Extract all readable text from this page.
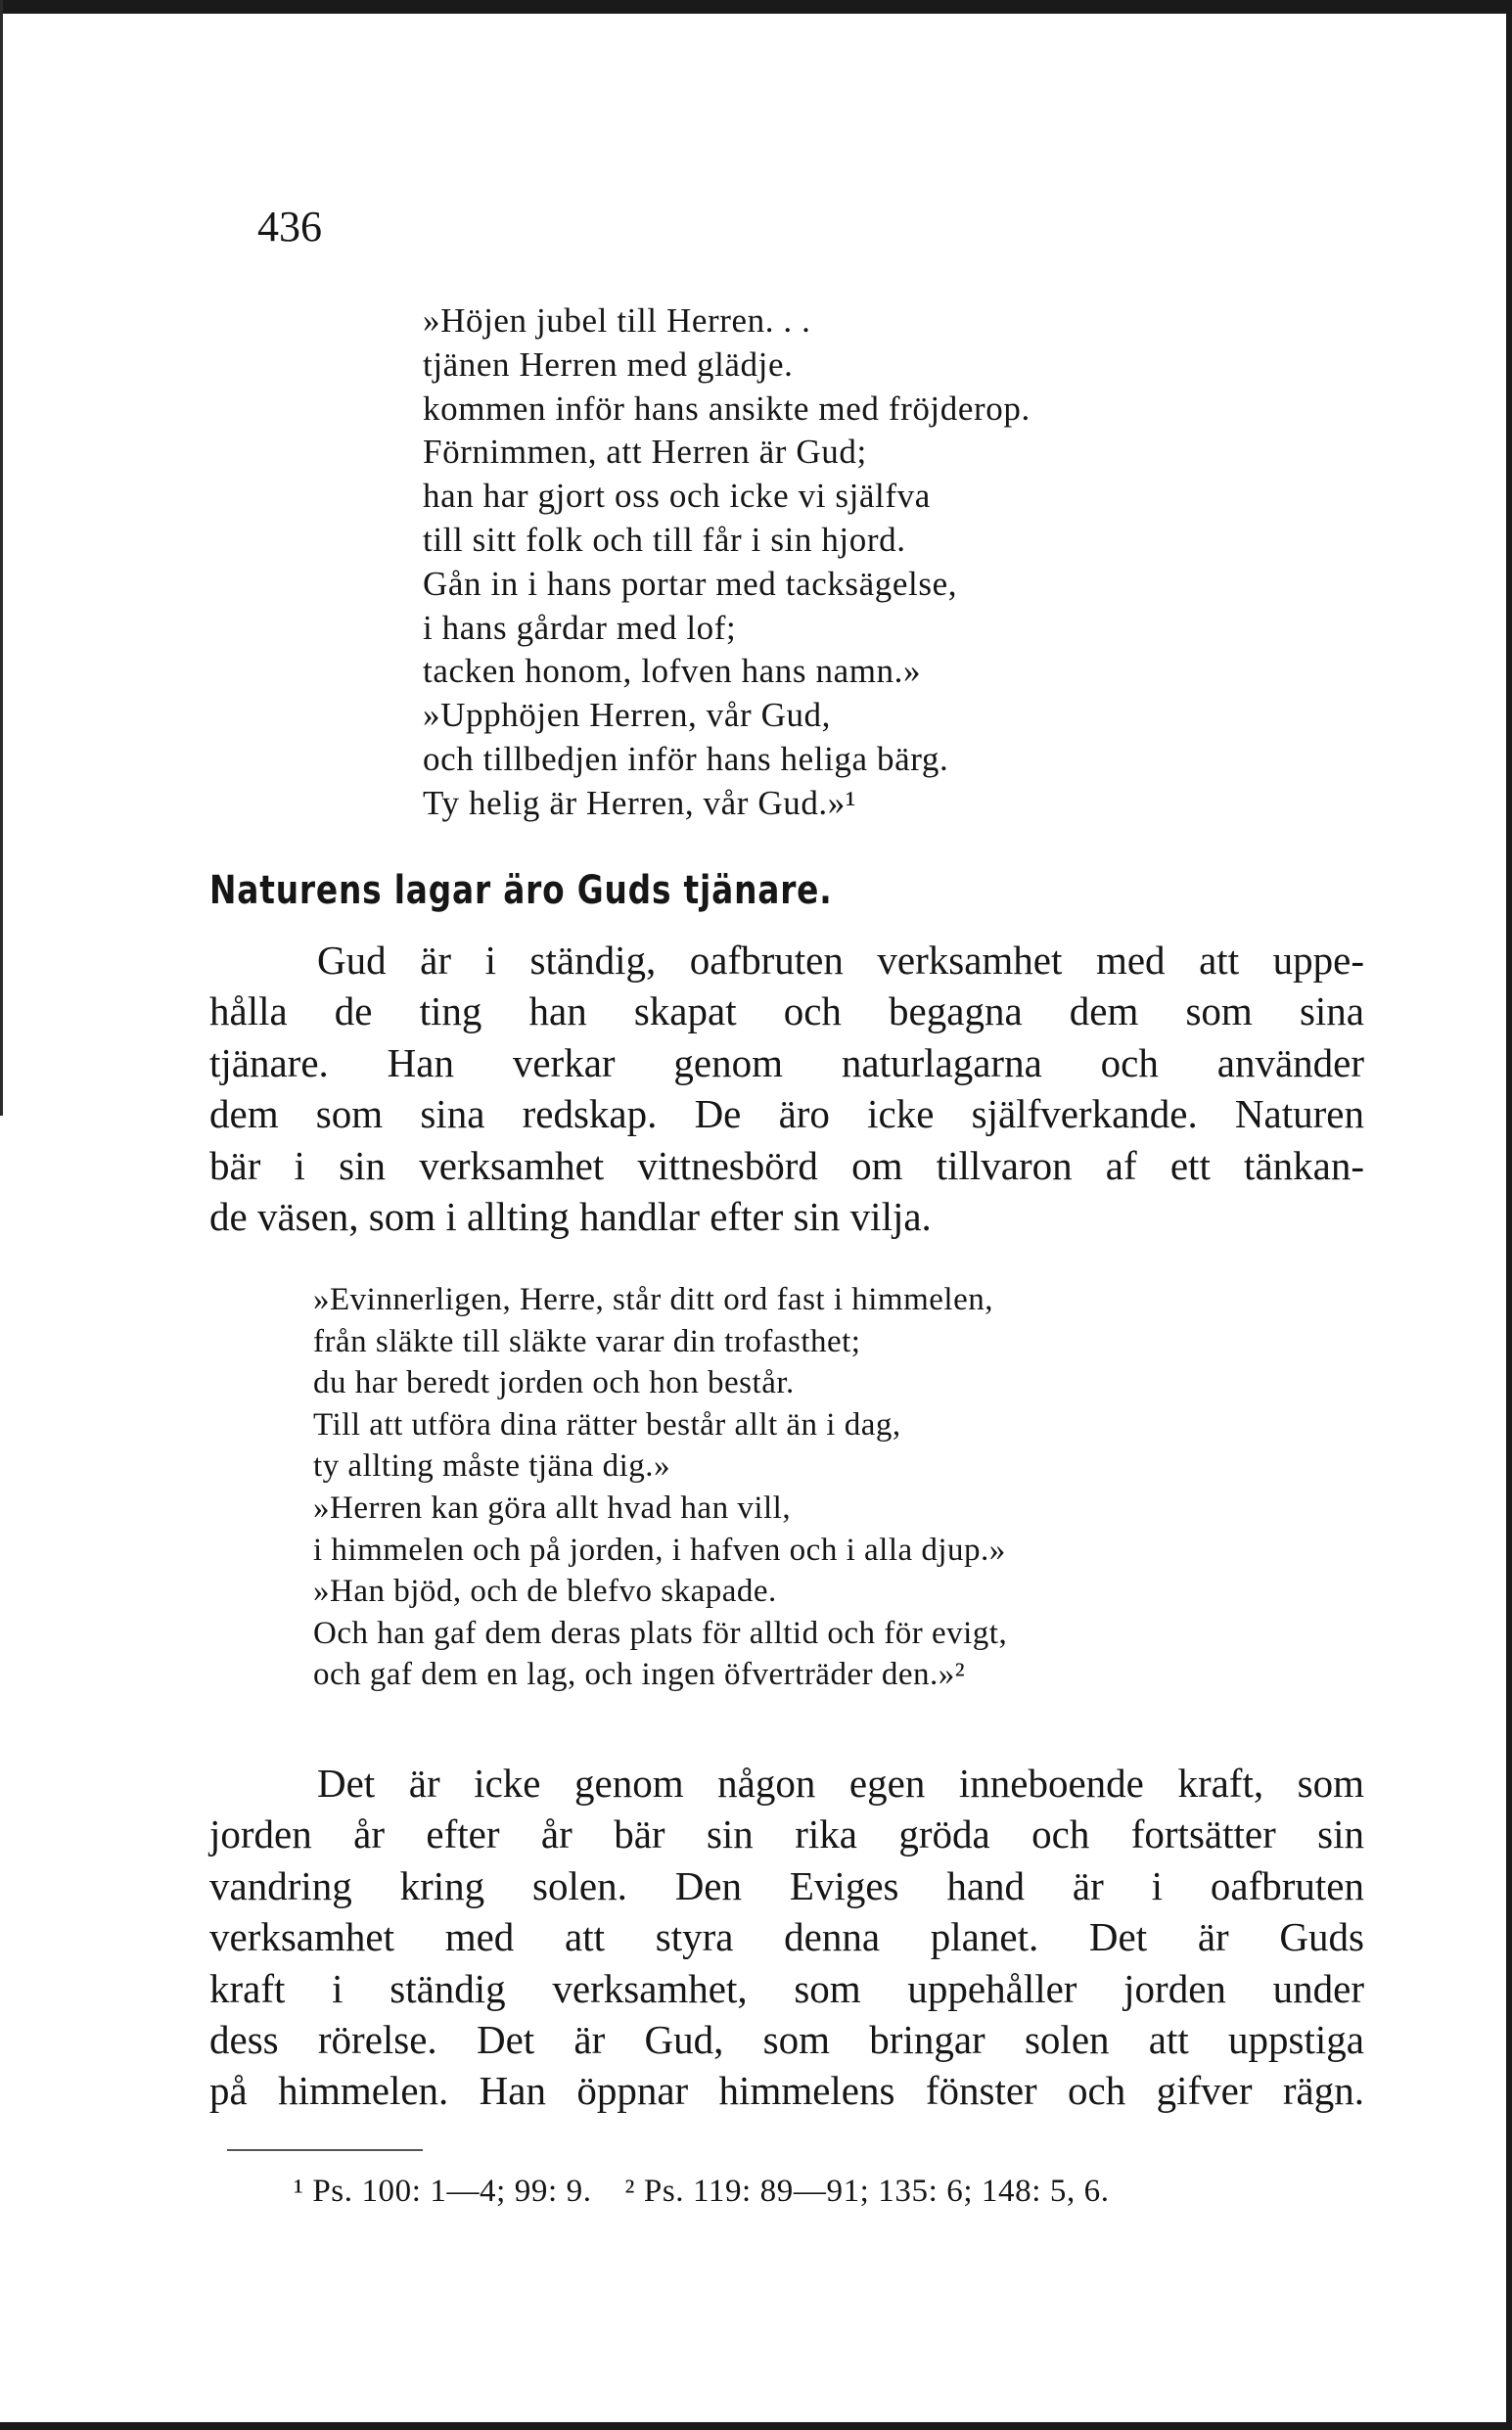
436
»Höjen jubel till Herren. . .
tjänen Herren med glädje.
kommen inför hans ansikte med fröjderop.
Förnimmen, att Herren är Gud;
han har gjort oss och icke vi själfva
till sitt folk och till får i sin hjord.
Gån in i hans portar med tacksägelse,
i hans gårdar med lof;
tacken honom, lofven hans namn.»
»Upphöjen Herren, vår Gud,
och tillbedjen inför hans heliga bärg.
Ty helig är Herren, vår Gud.»¹
Naturens lagar äro Guds tjänare.
Gud är i ständig, oafbruten verksamhet med att uppe-
hålla de ting han skapat och begagna dem som sina
tjänare. Han verkar genom naturlagarna och använder
dem som sina redskap. De äro icke själfverkande. Naturen
bär i sin verksamhet vittnesbörd om tillvaron af ett tänkan-
de väsen, som i allting handlar efter sin vilja.
»Evinnerligen, Herre, står ditt ord fast i himmelen,
från släkte till släkte varar din trofasthet;
du har beredt jorden och hon består.
Till att utföra dina rätter består allt än i dag,
ty allting måste tjäna dig.»
»Herren kan göra allt hvad han vill,
i himmelen och på jorden, i hafven och i alla djup.»
»Han bjöd, och de blefvo skapade.
Och han gaf dem deras plats för alltid och för evigt,
och gaf dem en lag, och ingen öfverträder den.»²
Det är icke genom någon egen inneboende kraft, som
jorden år efter år bär sin rika gröda och fortsätter sin
vandring kring solen. Den Eviges hand är i oafbruten
verksamhet med att styra denna planet. Det är Guds
kraft i ständig verksamhet, som uppehåller jorden under
dess rörelse. Det är Gud, som bringar solen att uppstiga
på himmelen. Han öppnar himmelens fönster och gifver rägn.
¹ Ps. 100: 1—4; 99: 9. ² Ps. 119: 89—91; 135: 6; 148: 5, 6.
